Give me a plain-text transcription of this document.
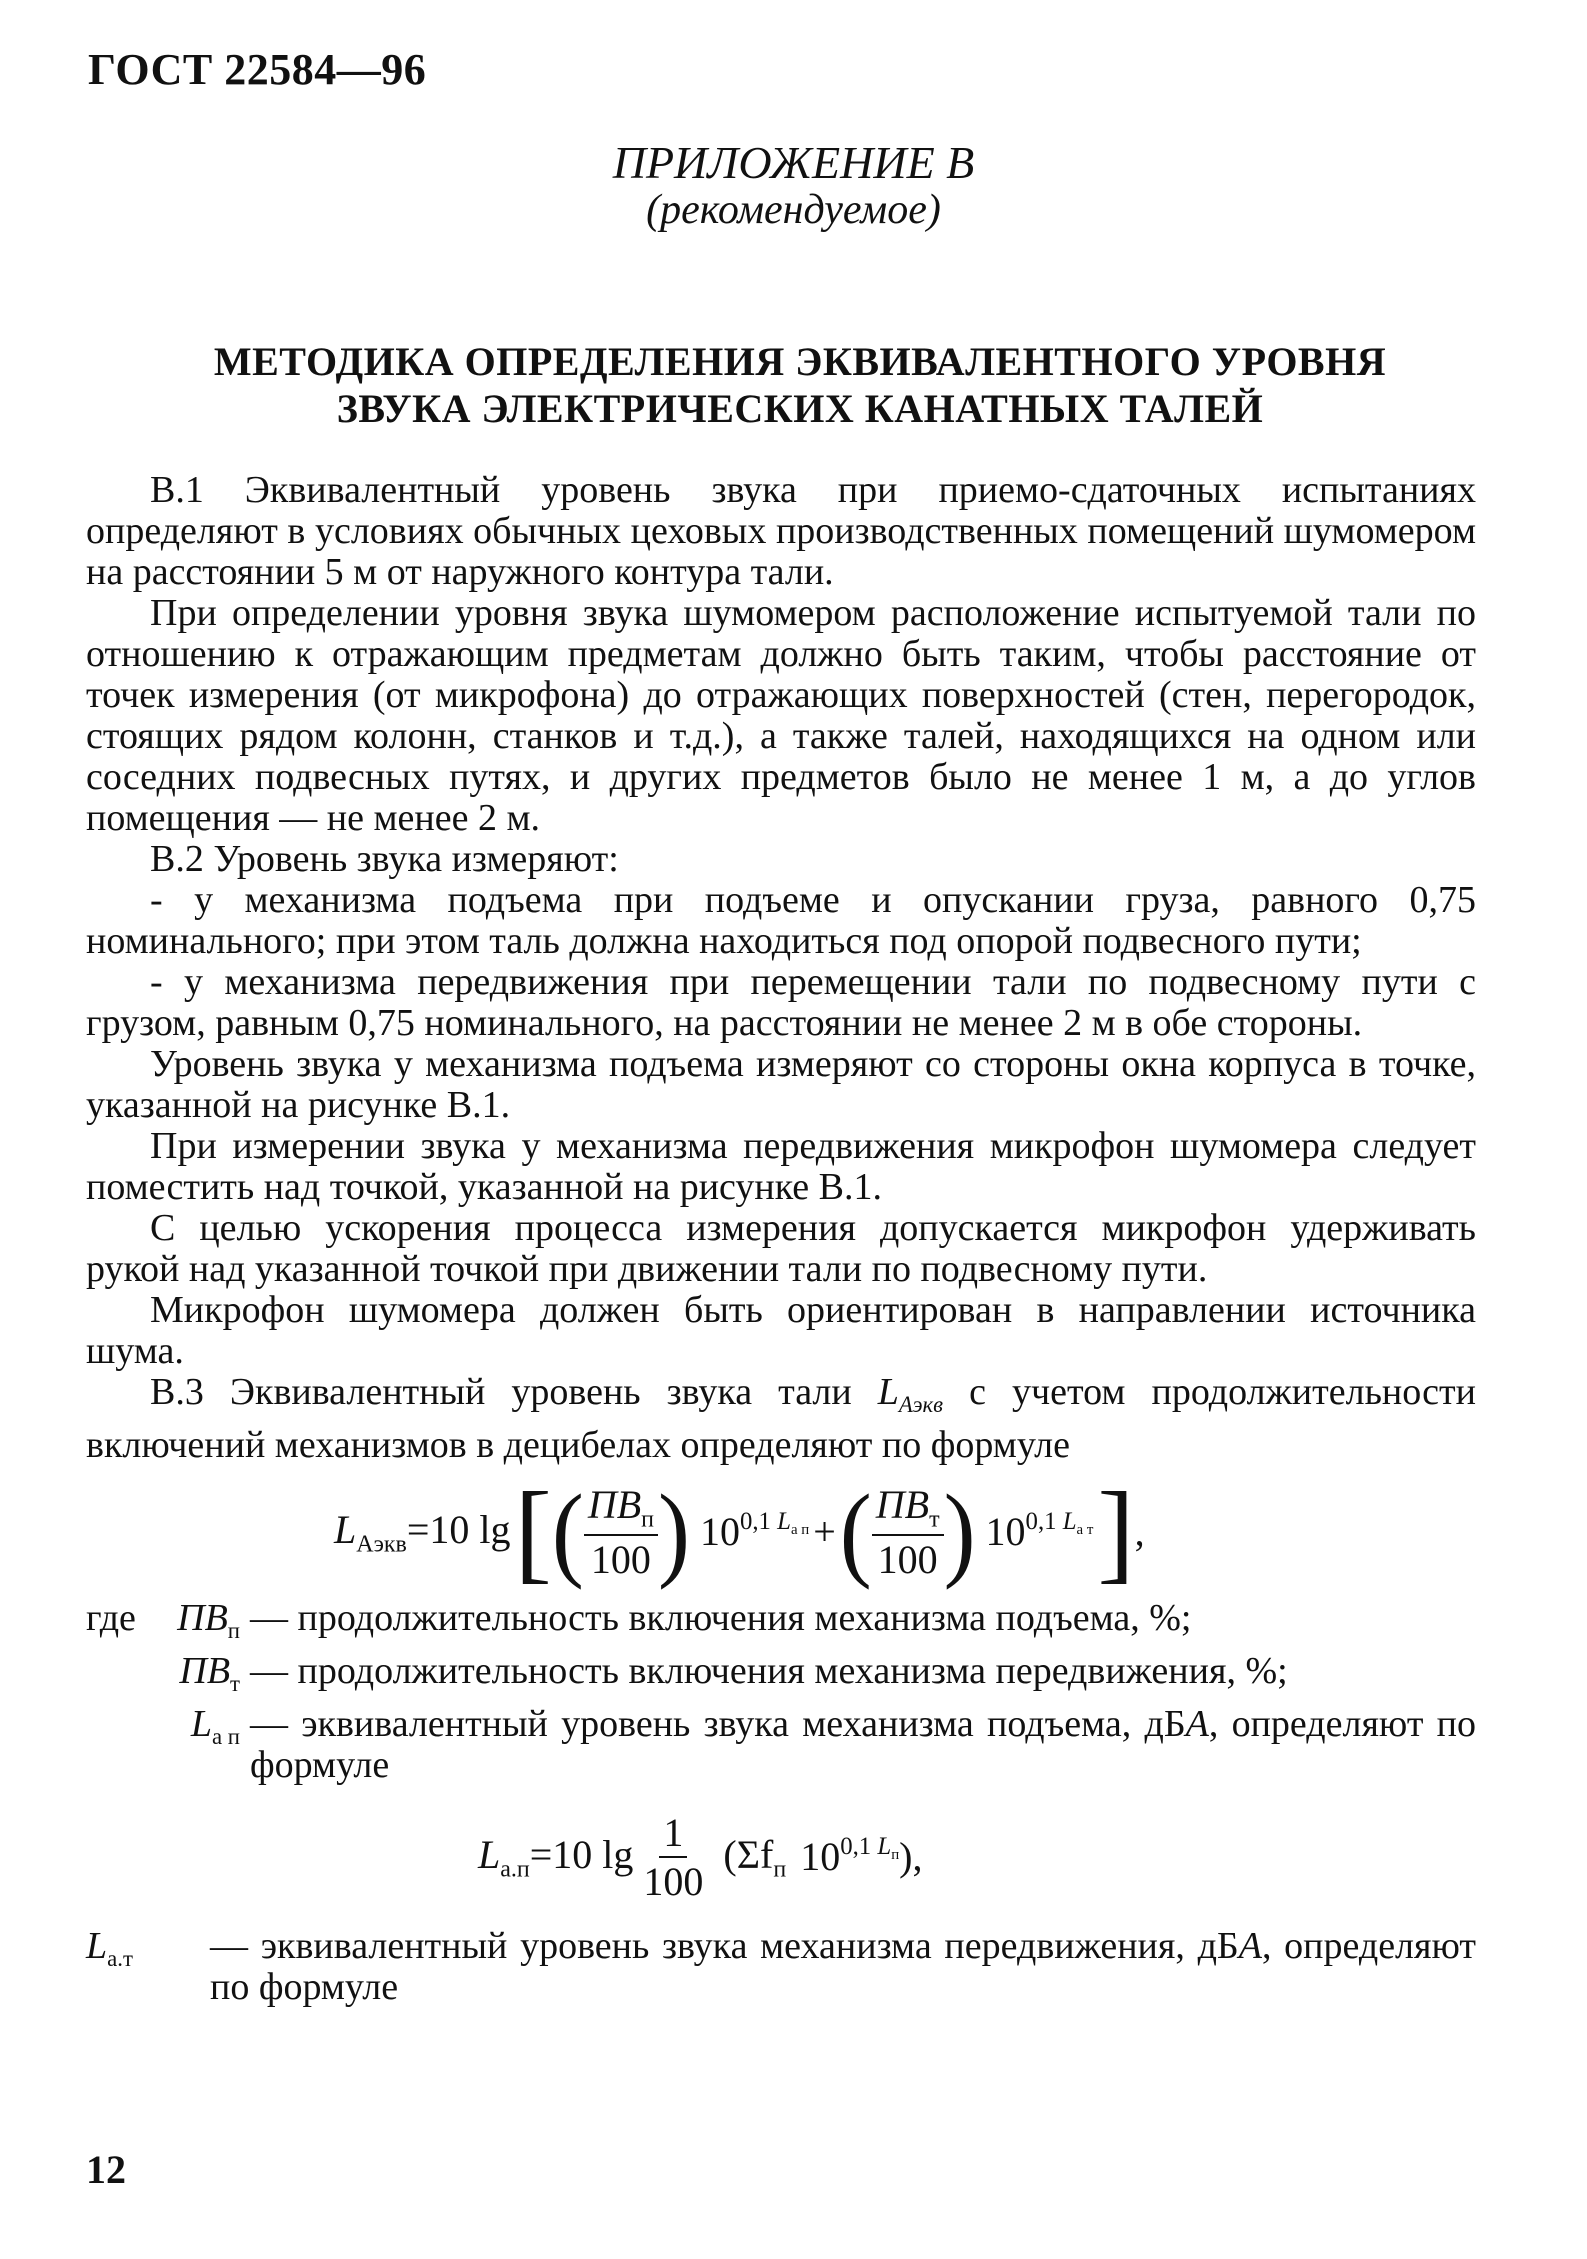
ГОСТ 22584—96
ПРИЛОЖЕНИЕ В
(рекомендуемое)
МЕТОДИКА ОПРЕДЕЛЕНИЯ ЭКВИВАЛЕНТНОГО УРОВНЯ
ЗВУКА ЭЛЕКТРИЧЕСКИХ КАНАТНЫХ ТАЛЕЙ

В.1 Эквивалентный уровень звука при приемо-сдаточных испытаниях определяют в условиях обычных цеховых производственных помещений шумомером на расстоянии 5 м от наружного контура тали.

При определении уровня звука шумомером расположение испытуемой тали по отношению к отражающим предметам должно быть таким, чтобы расстояние от точек измерения (от микрофона) до отражающих поверхностей (стен, перегородок, стоящих рядом колонн, станков и т.д.), а также талей, находящихся на одном или соседних подвесных путях, и других предметов было не менее 1 м, а до углов помещения — не менее 2 м.

В.2 Уровень звука измеряют:

- у механизма подъема при подъеме и опускании груза, равного 0,75 номинального; при этом таль должна находиться под опорой подвесного пути;

- у механизма передвижения при перемещении тали по подвесному пути с грузом, равным 0,75 номинального, на расстоянии не менее 2 м в обе стороны.

Уровень звука у механизма подъема измеряют со стороны окна корпуса в точке, указанной на рисунке В.1.

При измерении звука у механизма передвижения микрофон шумомера следует поместить над точкой, указанной на рисунке В.1.

С целью ускорения процесса измерения допускается микрофон удерживать рукой над указанной точкой при движении тали по подвесному пути.

Микрофон шумомера должен быть ориентирован в направлении источника шума.

В.3 Эквивалентный уровень звука тали $L_{Аэкв}$ с учетом продолжительности включений механизмов в децибелах определяют по формуле

$L_{Аэкв}=10$ lg [ ( $\frac{ПВ_п}{100}$ ) $10^{0,1 L_{а п}}$ + ( $\frac{ПВ_т}{100}$ ) $10^{0,1 L_{а т}}$ ] ,
где	$ПВ_п$ — продолжительность включения механизма подъема, %;
$ПВ_т$ — продолжительность включения механизма передвижения, %;
$L_{а п}$ — эквивалентный уровень звука механизма подъема, дБА, определяют по формуле
$L_{а.п}=10$ $\lg \frac{1}{100} (\Sigma f_п$ $10^{0,1 L_п}$),
$L_{а.т}$	— эквивалентный уровень звука механизма передвижения, дБА, определяют по формуле
12
